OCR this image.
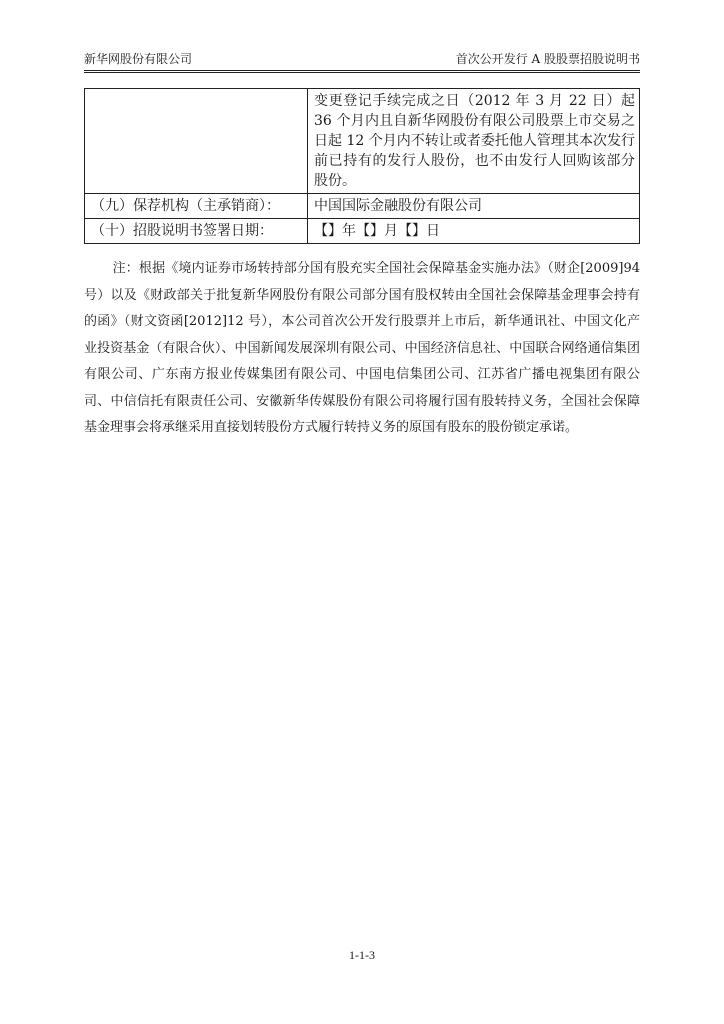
新华网股份有限公司	首次公开发行 A 股股票招股说明书
	变更登记手续完成之日（2012 年 3 月 22 日）起 36 个月内且自新华网股份有限公司股票上市交易之日起 12 个月内不转让或者委托他人管理其本次发行前已持有的发行人股份，也不由发行人回购该部分股份。
（九）保荐机构（主承销商）：	中国国际金融股份有限公司
（十）招股说明书签署日期：	【】年【】月【】日

注：根据《境内证券市场转持部分国有股充实全国社会保障基金实施办法》（财企[2009]94 号）以及《财政部关于批复新华网股份有限公司部分国有股权转由全国社会保障基金理事会持有的函》（财文资函[2012]12 号），本公司首次公开发行股票并上市后，新华通讯社、中国文化产业投资基金（有限合伙）、中国新闻发展深圳有限公司、中国经济信息社、中国联合网络通信集团有限公司、广东南方报业传媒集团有限公司、中国电信集团公司、江苏省广播电视集团有限公司、中信信托有限责任公司、安徽新华传媒股份有限公司将履行国有股转持义务，全国社会保障基金理事会将承继采用直接划转股份方式履行转持义务的原国有股东的股份锁定承诺。

1-1-3
